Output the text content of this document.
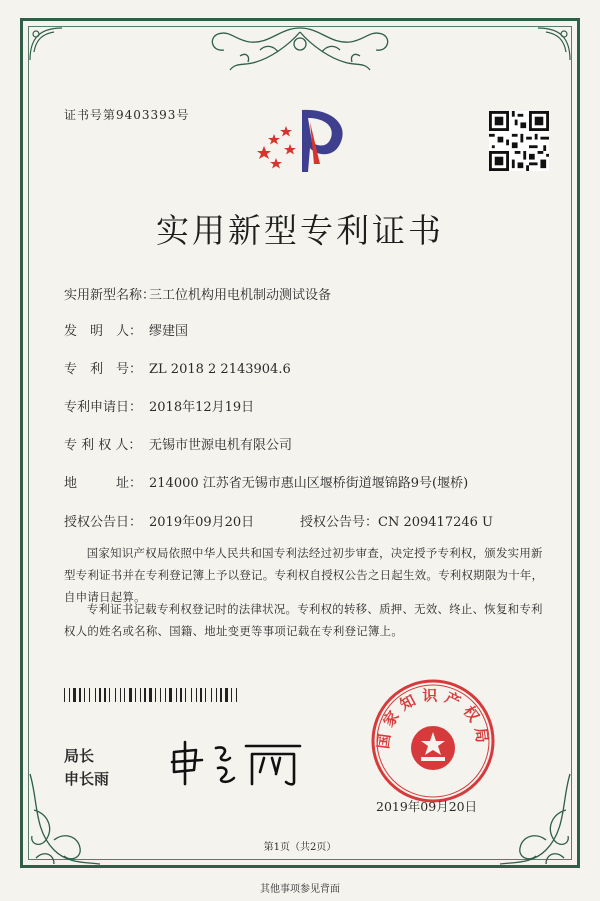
证书号第9403393号
实用新型专利证书
实用新型名称：三工位机构用电机制动测试设备
发　明　人： 缪建国
专　利　号： ZL 2018 2 2143904.6
专利申请日： 2018年12月19日
专 利 权 人： 无锡市世源电机有限公司
地　　　址： 214000 江苏省无锡市惠山区堰桥街道堰锦路9号(堰桥)
授权公告日： 2019年09月20日	授权公告号：CN 209417246 U
国家知识产权局依照中华人民共和国专利法经过初步审查，决定授予专利权，颁发实用新型专利证书并在专利登记簿上予以登记。专利权自授权公告之日起生效。专利权期限为十年，自申请日起算。
专利证书记载专利权登记时的法律状况。专利权的转移、质押、无效、终止、恢复和专利权人的姓名或名称、国籍、地址变更等事项记载在专利登记簿上。
局长
申长雨
国家知识产权局
2019年09月20日
第1页（共2页）
其他事项参见背面
